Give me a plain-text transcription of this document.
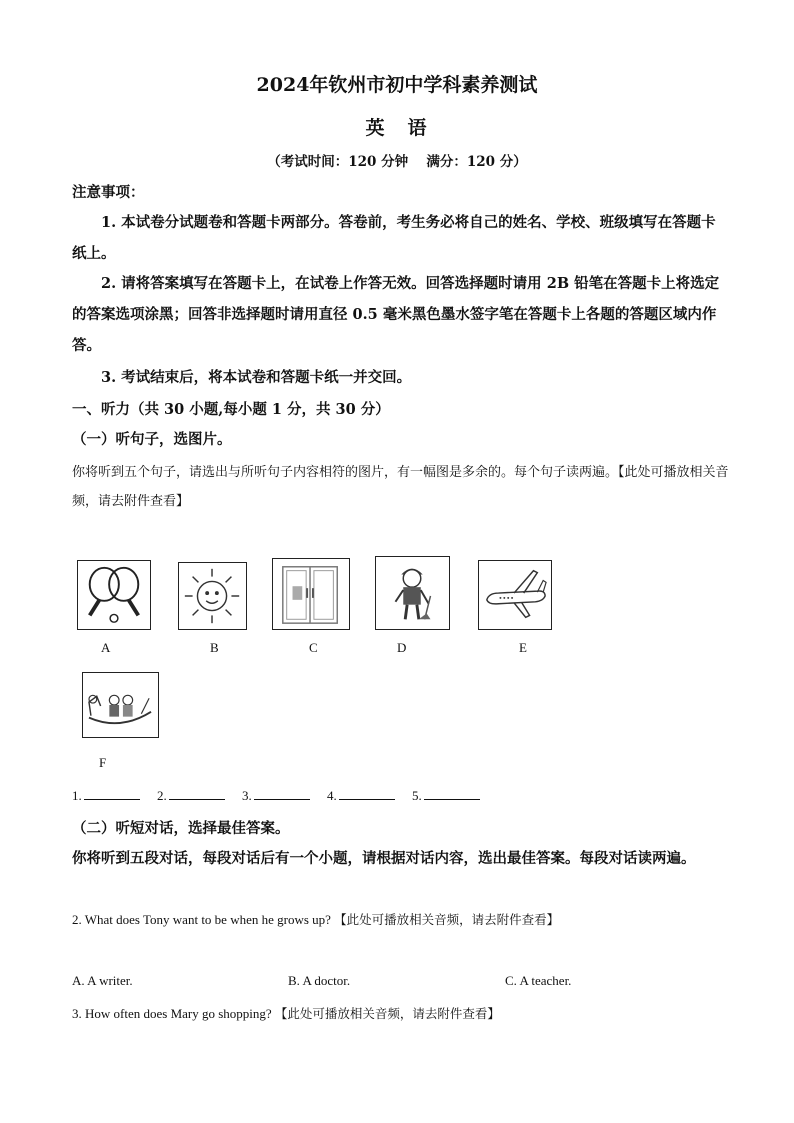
2024年钦州市初中学科素养测试
英　语
（考试时间：120 分钟　 满分：120 分）
注意事项：
1. 本试卷分试题卷和答题卡两部分。答卷前，考生务必将自己的姓名、学校、班级填写在答题卡纸上。
2. 请将答案填写在答题卡上，在试卷上作答无效。回答选择题时请用 2B 铅笔在答题卡上将选定的答案选项涂黑；回答非选择题时请用直径 0.5 毫米黑色墨水签字笔在答题卡上各题的答题区域内作答。
3. 考试结束后，将本试卷和答题卡纸一并交回。
一、听力（共 30 小题,每小题 1 分，共 30 分）
（一）听句子，选图片。
你将听到五个句子，请选出与所听句子内容相符的图片，有一幅图是多余的。每个句子读两遍。【此处可播放相关音频，请去附件查看】
A	B	C	D	E
F
1.	2.	3.	4.	5.
（二）听短对话，选择最佳答案。
你将听到五段对话，每段对话后有一个小题，请根据对话内容，选出最佳答案。每段对话读两遍。
2. What does Tony want to be when he grows up? 【此处可播放相关音频，请去附件查看】
A. A writer.	B. A doctor.	C. A teacher.
3. How often does Mary go shopping? 【此处可播放相关音频，请去附件查看】
